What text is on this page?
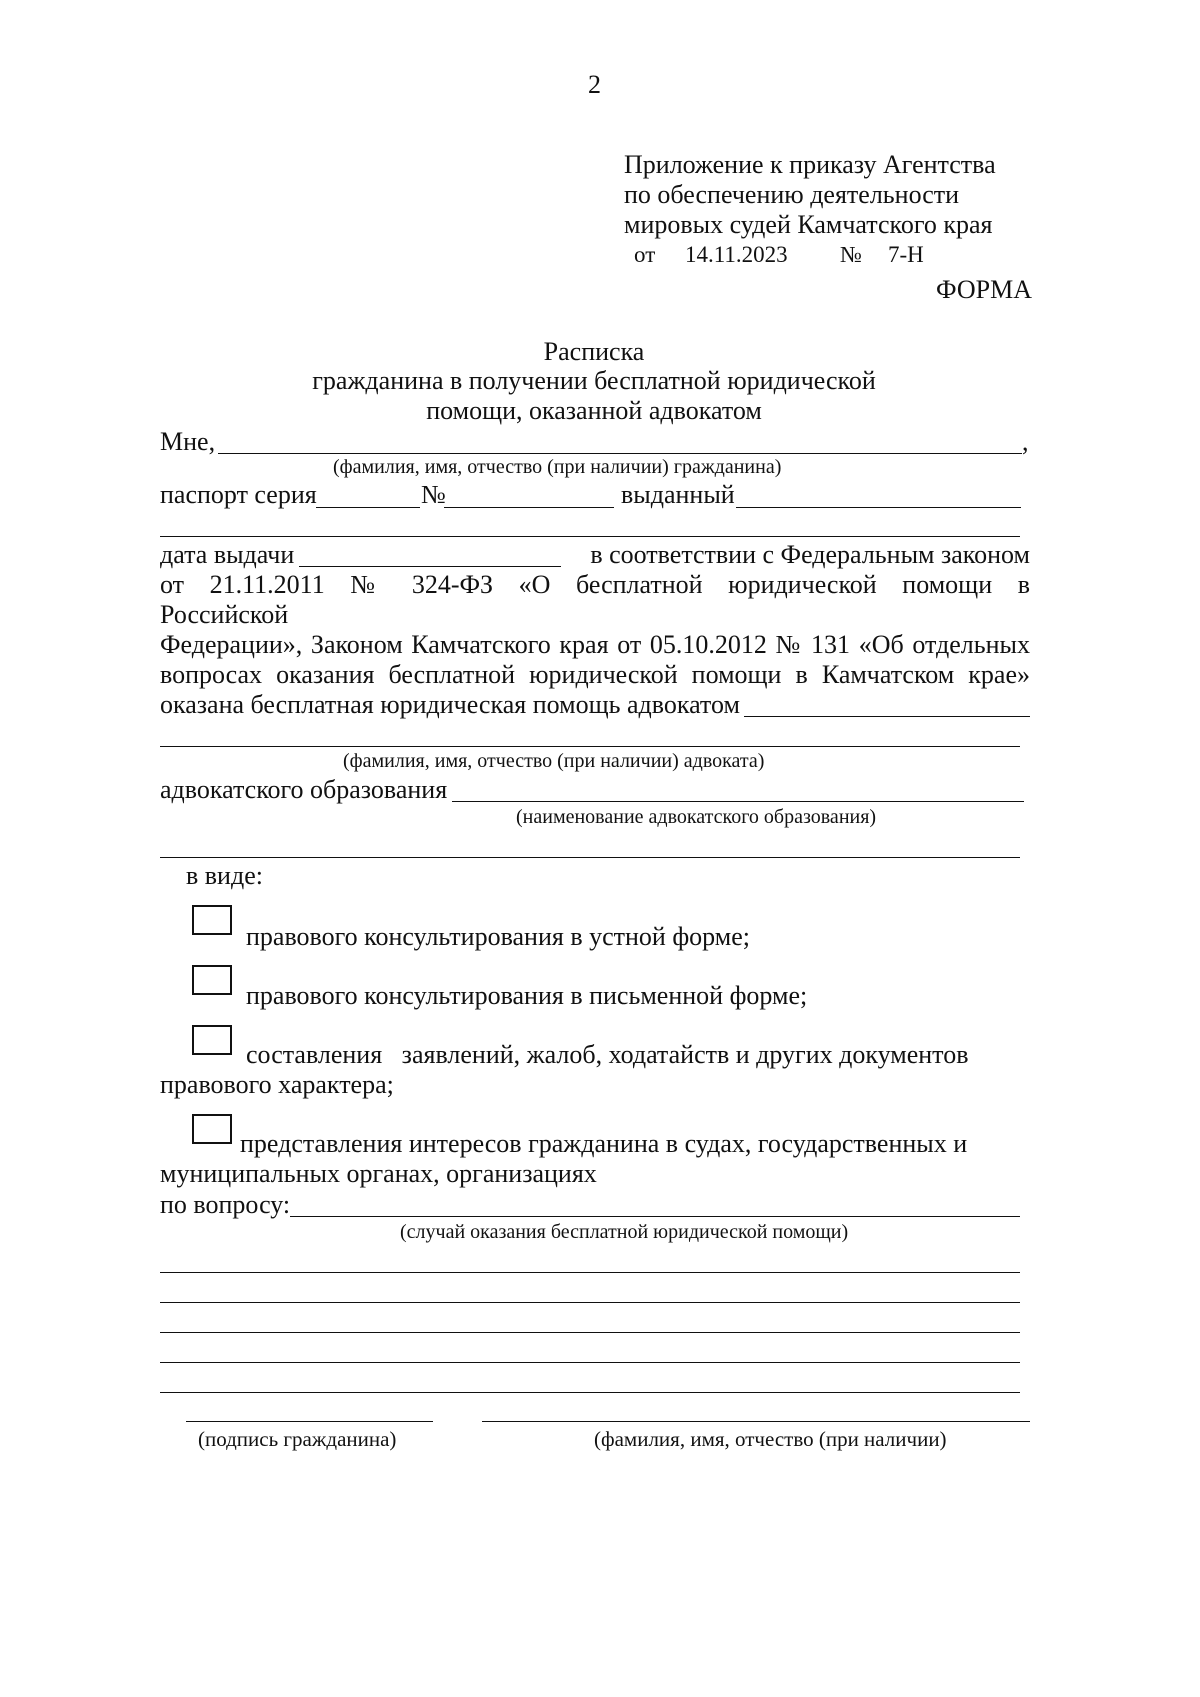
2
Приложение к приказу Агентства
по обеспечению деятельности
мировых судей Камчатского края
от 14.11.2023 № 7-Н
ФОРМА
Расписка
гражданина в получении бесплатной юридической
помощи, оказанной адвокатом
Мне,	,
(фамилия, имя, отчество (при наличии) гражданина)
паспорт серия	№	выданный
дата выдачи	в соответствии с Федеральным законом
от 21.11.2011 № 324-ФЗ «О бесплатной юридической помощи в
Российской
Федерации», Законом Камчатского края от 05.10.2012 № 131 «Об отдельных
вопросах оказания бесплатной юридической помощи в Камчатском крае»
оказана бесплатная юридическая помощь адвокатом
(фамилия, имя, отчество (при наличии) адвоката)
адвокатского образования
(наименование адвокатского образования)
в виде:
правового консультирования в устной форме;
правового консультирования в письменной форме;
составления   заявлений, жалоб, ходатайств и других документов
правового характера;
представления интересов гражданина в судах, государственных и
муниципальных органах, организациях
по вопросу:
(случай оказания бесплатной юридической помощи)
(подпись гражданина)	(фамилия, имя, отчество (при наличии)
